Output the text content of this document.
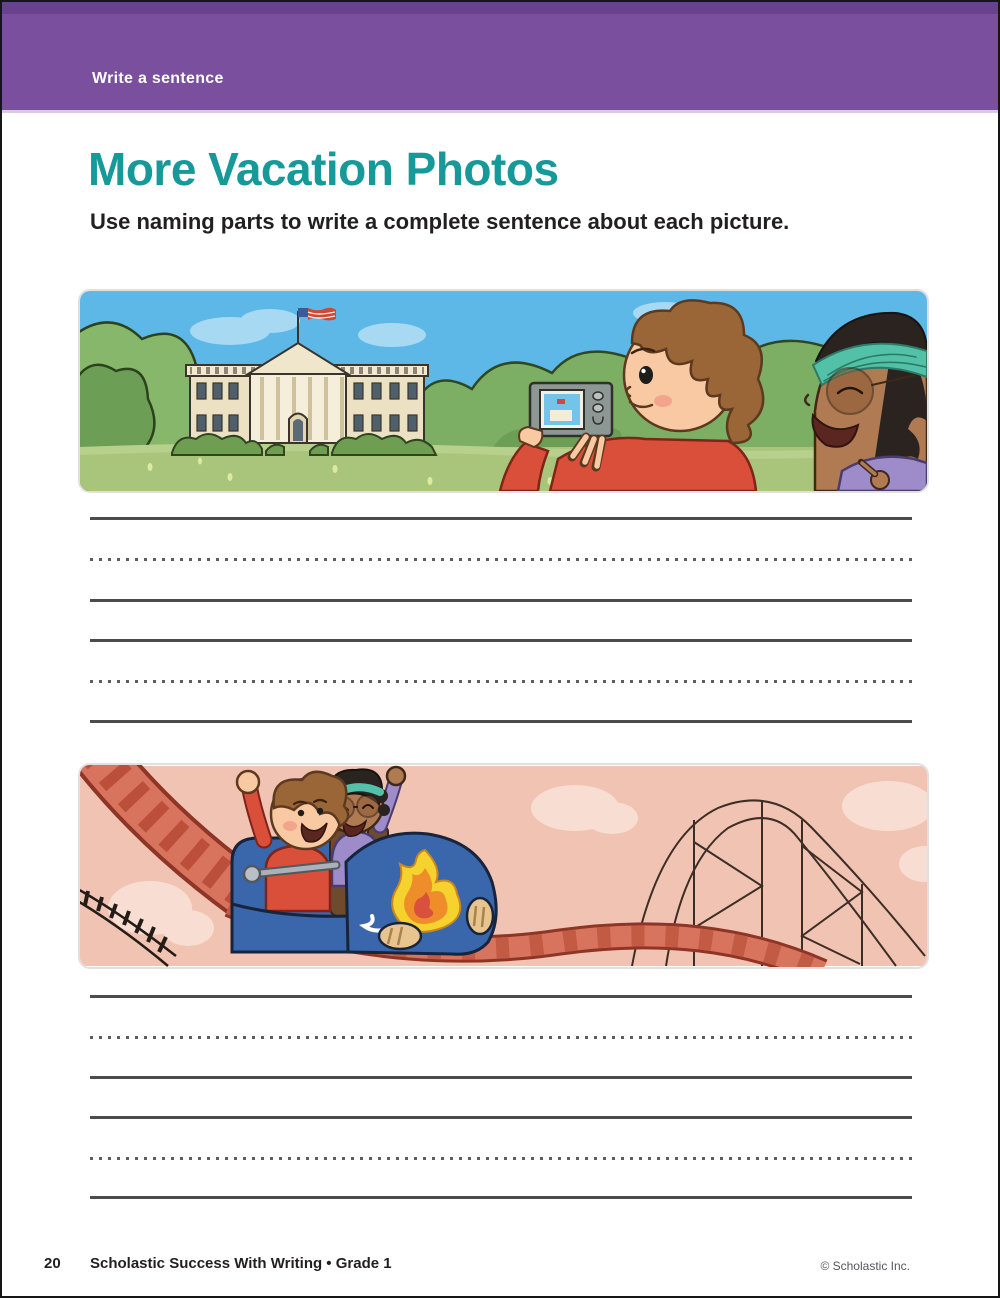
Write a sentence
More Vacation Photos
Use naming parts to write a complete sentence about each picture.
20 Scholastic Success With Writing • Grade 1	© Scholastic Inc.
